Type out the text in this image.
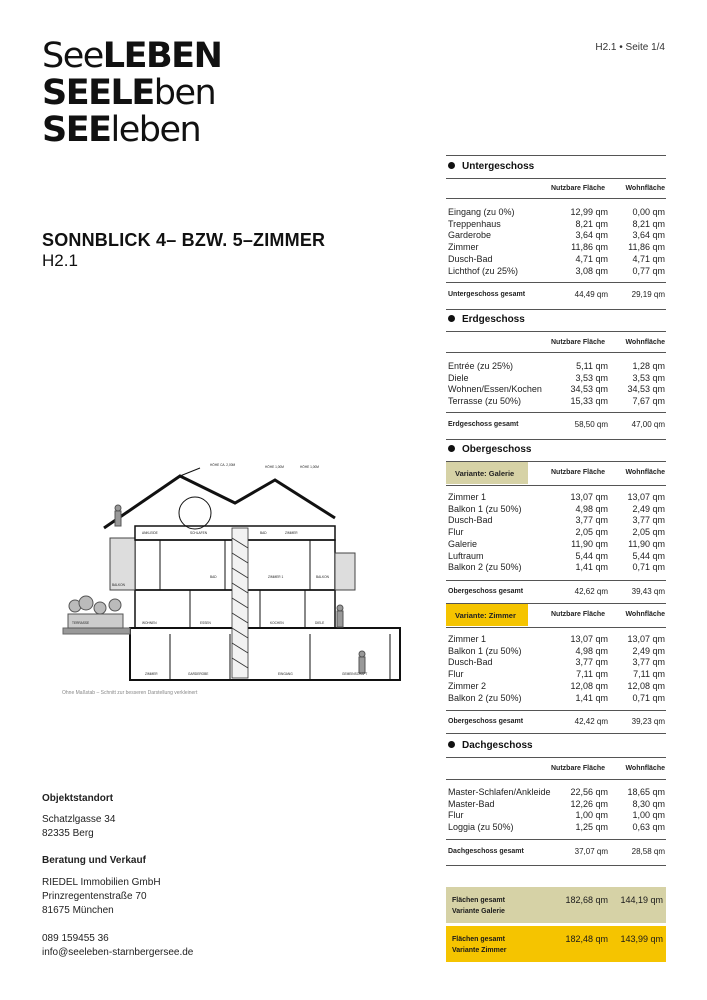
SeeLEBEN
SEELEben
SEEleben
H2.1 • Seite 1/4
SONNBLICK 4– BZW. 5–ZIMMER
H2.1
HÖHE CA. 2,00M	HÖHE 1,00M	HÖHE 1,00M
ANKLEIDE	SCHLAFEN	BAD	ZIMMER
BALKON
BAD	ZIMMER 1	BALKON
WOHNEN	ESSEN	KOCHEN	DIELE
TERRASSE
ZIMMER	GARDEROBE	EINGANG	GEMEINSCHAFT
Ohne Maßstab – Schnitt zur besseren Darstellung verkleinert
Objektstandort
Schatzlgasse 34
82335 Berg
Beratung und Verkauf
RIEDEL Immobilien GmbH
Prinzregentenstraße 70
81675 München
089 159455 36
info@seeleben-starnbergersee.de
Untergeschoss
Nutzbare Fläche	Wohnfläche
Eingang (zu 0%)	12,99 qm	0,00 qm
Treppenhaus	8,21 qm	8,21 qm
Garderobe	3,64 qm	3,64 qm
Zimmer	11,86 qm 11,86 qm
Dusch-Bad	4,71 qm	4,71 qm
Lichthof (zu 25%)	3,08 qm	0,77 qm
Untergeschoss gesamt	44,49 qm	29,19 qm
Erdgeschoss
Nutzbare Fläche	Wohnfläche
Entrée (zu 25%)	5,11 qm	1,28 qm
Diele	3,53 qm	3,53 qm
Wohnen/Essen/Kochen	34,53 qm 34,53 qm
Terrasse (zu 50%)	15,33 qm	7,67 qm
Erdgeschoss gesamt	58,50 qm	47,00 qm
Obergeschoss
Variante: Galerie	Nutzbare Fläche	Wohnfläche
Zimmer 1	13,07 qm 13,07 qm
Balkon 1 (zu 50%)	4,98 qm	2,49 qm
Dusch-Bad	3,77 qm	3,77 qm
Flur	2,05 qm	2,05 qm
Galerie	11,90 qm 11,90 qm
Luftraum	5,44 qm	5,44 qm
Balkon 2 (zu 50%)	1,41 qm	0,71 qm
Obergeschoss gesamt	42,62 qm	39,43 qm
Variante: Zimmer	Nutzbare Fläche	Wohnfläche
Zimmer 1	13,07 qm 13,07 qm
Balkon 1 (zu 50%)	4,98 qm	2,49 qm
Dusch-Bad	3,77 qm	3,77 qm
Flur	7,11 qm	7,11 qm
Zimmer 2	12,08 qm 12,08 qm
Balkon 2 (zu 50%)	1,41 qm	0,71 qm
Obergeschoss gesamt	42,42 qm	39,23 qm
Dachgeschoss
Nutzbare Fläche	Wohnfläche
Master-Schlafen/Ankleide 22,56 qm 18,65 qm
Master-Bad	12,26 qm	8,30 qm
Flur	1,00 qm	1,00 qm
Loggia (zu 50%)	1,25 qm	0,63 qm
Dachgeschoss gesamt	37,07 qm	28,58 qm
Flächen gesamt
Variante Galerie
182,68 qm 144,19 qm
Flächen gesamt
Variante Zimmer
182,48 qm 143,99 qm
